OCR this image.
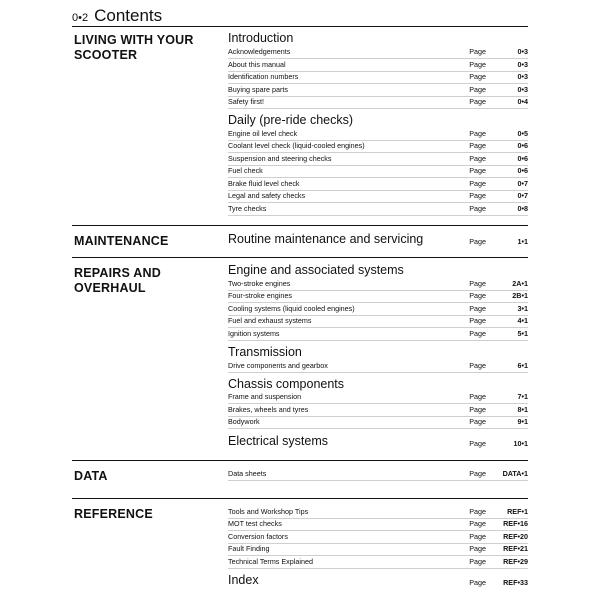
0•2 Contents
LIVING WITH YOUR SCOOTER
Introduction
Acknowledgements	Page	0•3
About this manual	Page	0•3
Identification numbers	Page	0•3
Buying spare parts	Page	0•3
Safety first!	Page	0•4
Daily (pre-ride checks)
Engine oil level check	Page	0•5
Coolant level check (liquid-cooled engines)	Page	0•6
Suspension and steering checks	Page	0•6
Fuel check	Page	0•6
Brake fluid level check	Page	0•7
Legal and safety checks	Page	0•7
Tyre checks	Page	0•8
MAINTENANCE	Routine maintenance and servicing	Page	1•1
REPAIRS AND OVERHAUL
Engine and associated systems
Two-stroke engines	Page	2A•1
Four-stroke engines	Page	2B•1
Cooling systems (liquid cooled engines)	Page	3•1
Fuel and exhaust systems	Page	4•1
Ignition systems	Page	5•1
Transmission
Drive components and gearbox	Page	6•1
Chassis components
Frame and suspension	Page	7•1
Brakes, wheels and tyres	Page	8•1
Bodywork	Page	9•1
Electrical systems	Page	10•1
DATA	Data sheets	Page DATA•1
REFERENCE	Tools and Workshop Tips	Page	REF•1
MOT test checks	Page REF•16
Conversion factors	Page REF•20
Fault Finding	Page REF•21
Technical Terms Explained	Page REF•29
Index	Page REF•33
